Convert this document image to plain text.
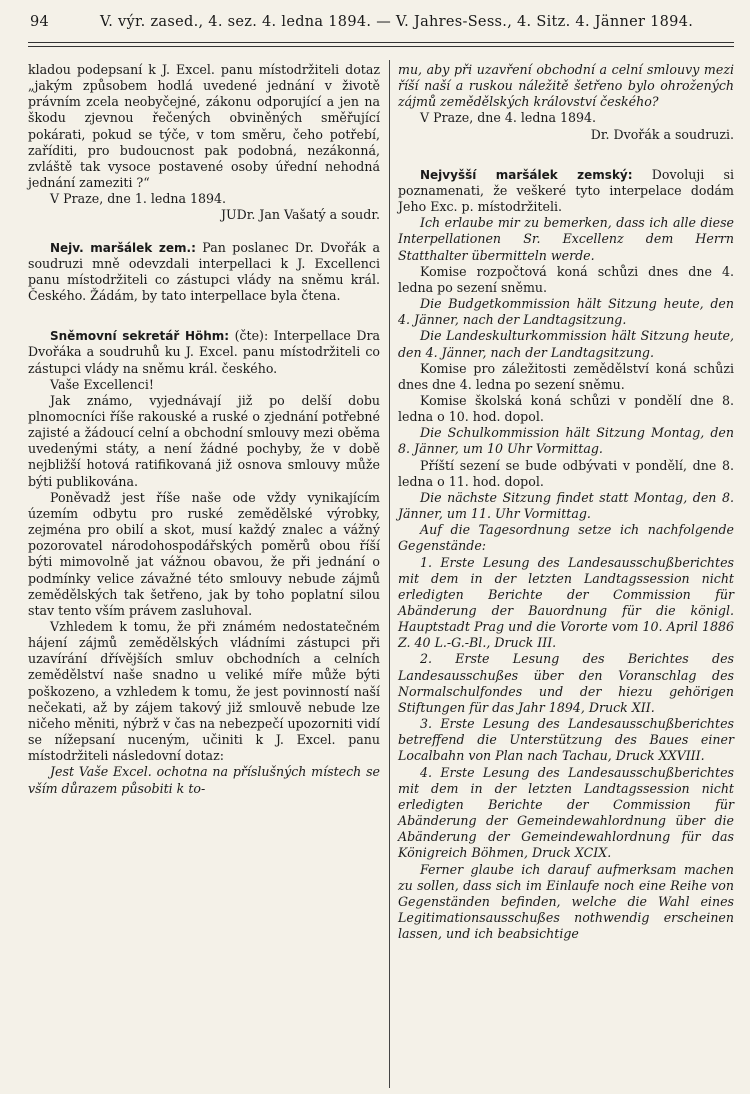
94	V. výr. zased., 4. sez. 4. ledna 1894. — V. Jahres-Sess., 4. Sitz. 4. Jänner 1894.

kladou podepsaní k J. Excel. panu místodržiteli dotaz „jakým způsobem hodlá uvedené jednání v životě právním zcela neobyčejné, zákonu odporující a jen na škodu zjevnou řečených obviněných směřující pokárati, pokud se týče, v tom směru, čeho potřebí, zaříditi, pro budoucnost pak podobná, nezákonná, zvláště tak vysoce postavené osoby úřední nehodná jednání zameziti ?“

V Praze, dne 1. ledna 1894.

JUDr. Jan Vašatý a soudr.

Nejv. maršálek zem.: Pan poslanec Dr. Dvořák a soudruzi mně odevzdali interpellaci k J. Excellenci panu místodržiteli co zástupci vlády na sněmu král. Českého. Žádám, by tato interpellace byla čtena.

Sněmovní sekretář Höhm: (čte): Interpellace Dra Dvořáka a soudruhů ku J. Excel. panu místodržiteli co zástupci vlády na sněmu král. českého.

Vaše Excellenci!

Jak známo, vyjednávají již po delší dobu plnomocníci říše rakouské a ruské o zjednání potřebné zajisté a žádoucí celní a obchodní smlouvy mezi oběma uvedenými státy, a není žádné pochyby, že v době nejbližší hotová ratifikovaná již osnova smlouvy může býti publikována.

Poněvadž jest říše naše ode vždy vynikajícím územím odbytu pro ruské zemědělské výrobky, zejména pro obilí a skot, musí každý znalec a vážný pozorovatel národohospodářských poměrů obou říší býti mimovolně jat vážnou obavou, že při jednání o podmínky velice závažné této smlouvy nebude zájmů zemědělských tak šetřeno, jak by toho poplatní silou stav tento vším právem zasluhoval.

Vzhledem k tomu, že při známém nedostatečném hájení zájmů zemědělských vládními zástupci při uzavírání dřívějších smluv obchodních a celních zemědělství naše snadno u veliké míře může býti poškozeno, a vzhledem k tomu, že jest povinností naší nečekati, až by zájem takový již smlouvě nebude lze ničeho měniti, nýbrž v čas na nebezpečí upozorniti vidí se nížepsaní nuceným, učiniti k J. Excel. panu místodržiteli následovní dotaz:

Jest Vaše Excel. ochotna na příslušných místech se vším důrazem působiti k to-

mu, aby při uzavření obchodní a celní smlouvy mezi říší naší a ruskou náležitě šetřeno bylo ohrožených zájmů zemědělských království českého?

V Praze, dne 4. ledna 1894.

Dr. Dvořák a soudruzi.

Nejvyšší maršálek zemský: Dovoluji si poznamenati, že veškeré tyto interpelace dodám Jeho Exc. p. místodržiteli.

Ich erlaube mir zu bemerken, dass ich alle diese Interpellationen Sr. Excellenz dem Herrn Statthalter übermitteln werde.

Komise rozpočtová koná schůzi dnes dne 4. ledna po sezení sněmu.

Die Budgetkommission hält Sitzung heute, den 4. Jänner, nach der Landtagsitzung.

Die Landeskulturkommission hält Sitzung heute, den 4. Jänner, nach der Landtagsitzung.

Komise pro záležitosti zemědělství koná schůzi dnes dne 4. ledna po sezení sněmu.

Komise školská koná schůzi v pondělí dne 8. ledna o 10. hod. dopol.

Die Schulkommission hält Sitzung Montag, den 8. Jänner, um 10 Uhr Vormittag.

Příští sezení se bude odbývati v pondělí, dne 8. ledna o 11. hod. dopol.

Die nächste Sitzung findet statt Montag, den 8. Jänner, um 11. Uhr Vormittag.

Auf die Tagesordnung setze ich nachfolgende Gegenstände:

1. Erste Lesung des Landesausschußberichtes mit dem in der letzten Landtagssession nicht erledigten Berichte der Commission für Abänderung der Bauordnung für die königl. Hauptstadt Prag und die Vororte vom 10. April 1886 Z. 40 L.-G.-Bl., Druck III.

2. Erste Lesung des Berichtes des Landesausschußes über den Voranschlag des Normalschulfondes und der hiezu gehörigen Stiftungen für das Jahr 1894, Druck XII.

3. Erste Lesung des Landesausschußberichtes betreffend die Unterstützung des Baues einer Localbahn von Plan nach Tachau, Druck XXVIII.

4. Erste Lesung des Landesausschußberichtes mit dem in der letzten Landtagssession nicht erledigten Berichte der Commission für Abänderung der Gemeindewahlordnung über die Abänderung der Gemeindewahlordnung für das Königreich Böhmen, Druck XCIX.

Ferner glaube ich darauf aufmerksam machen zu sollen, dass sich im Einlaufe noch eine Reihe von Gegenständen befinden, welche die Wahl eines Legitimationsausschußes nothwendig erscheinen lassen, und ich beabsichtige
